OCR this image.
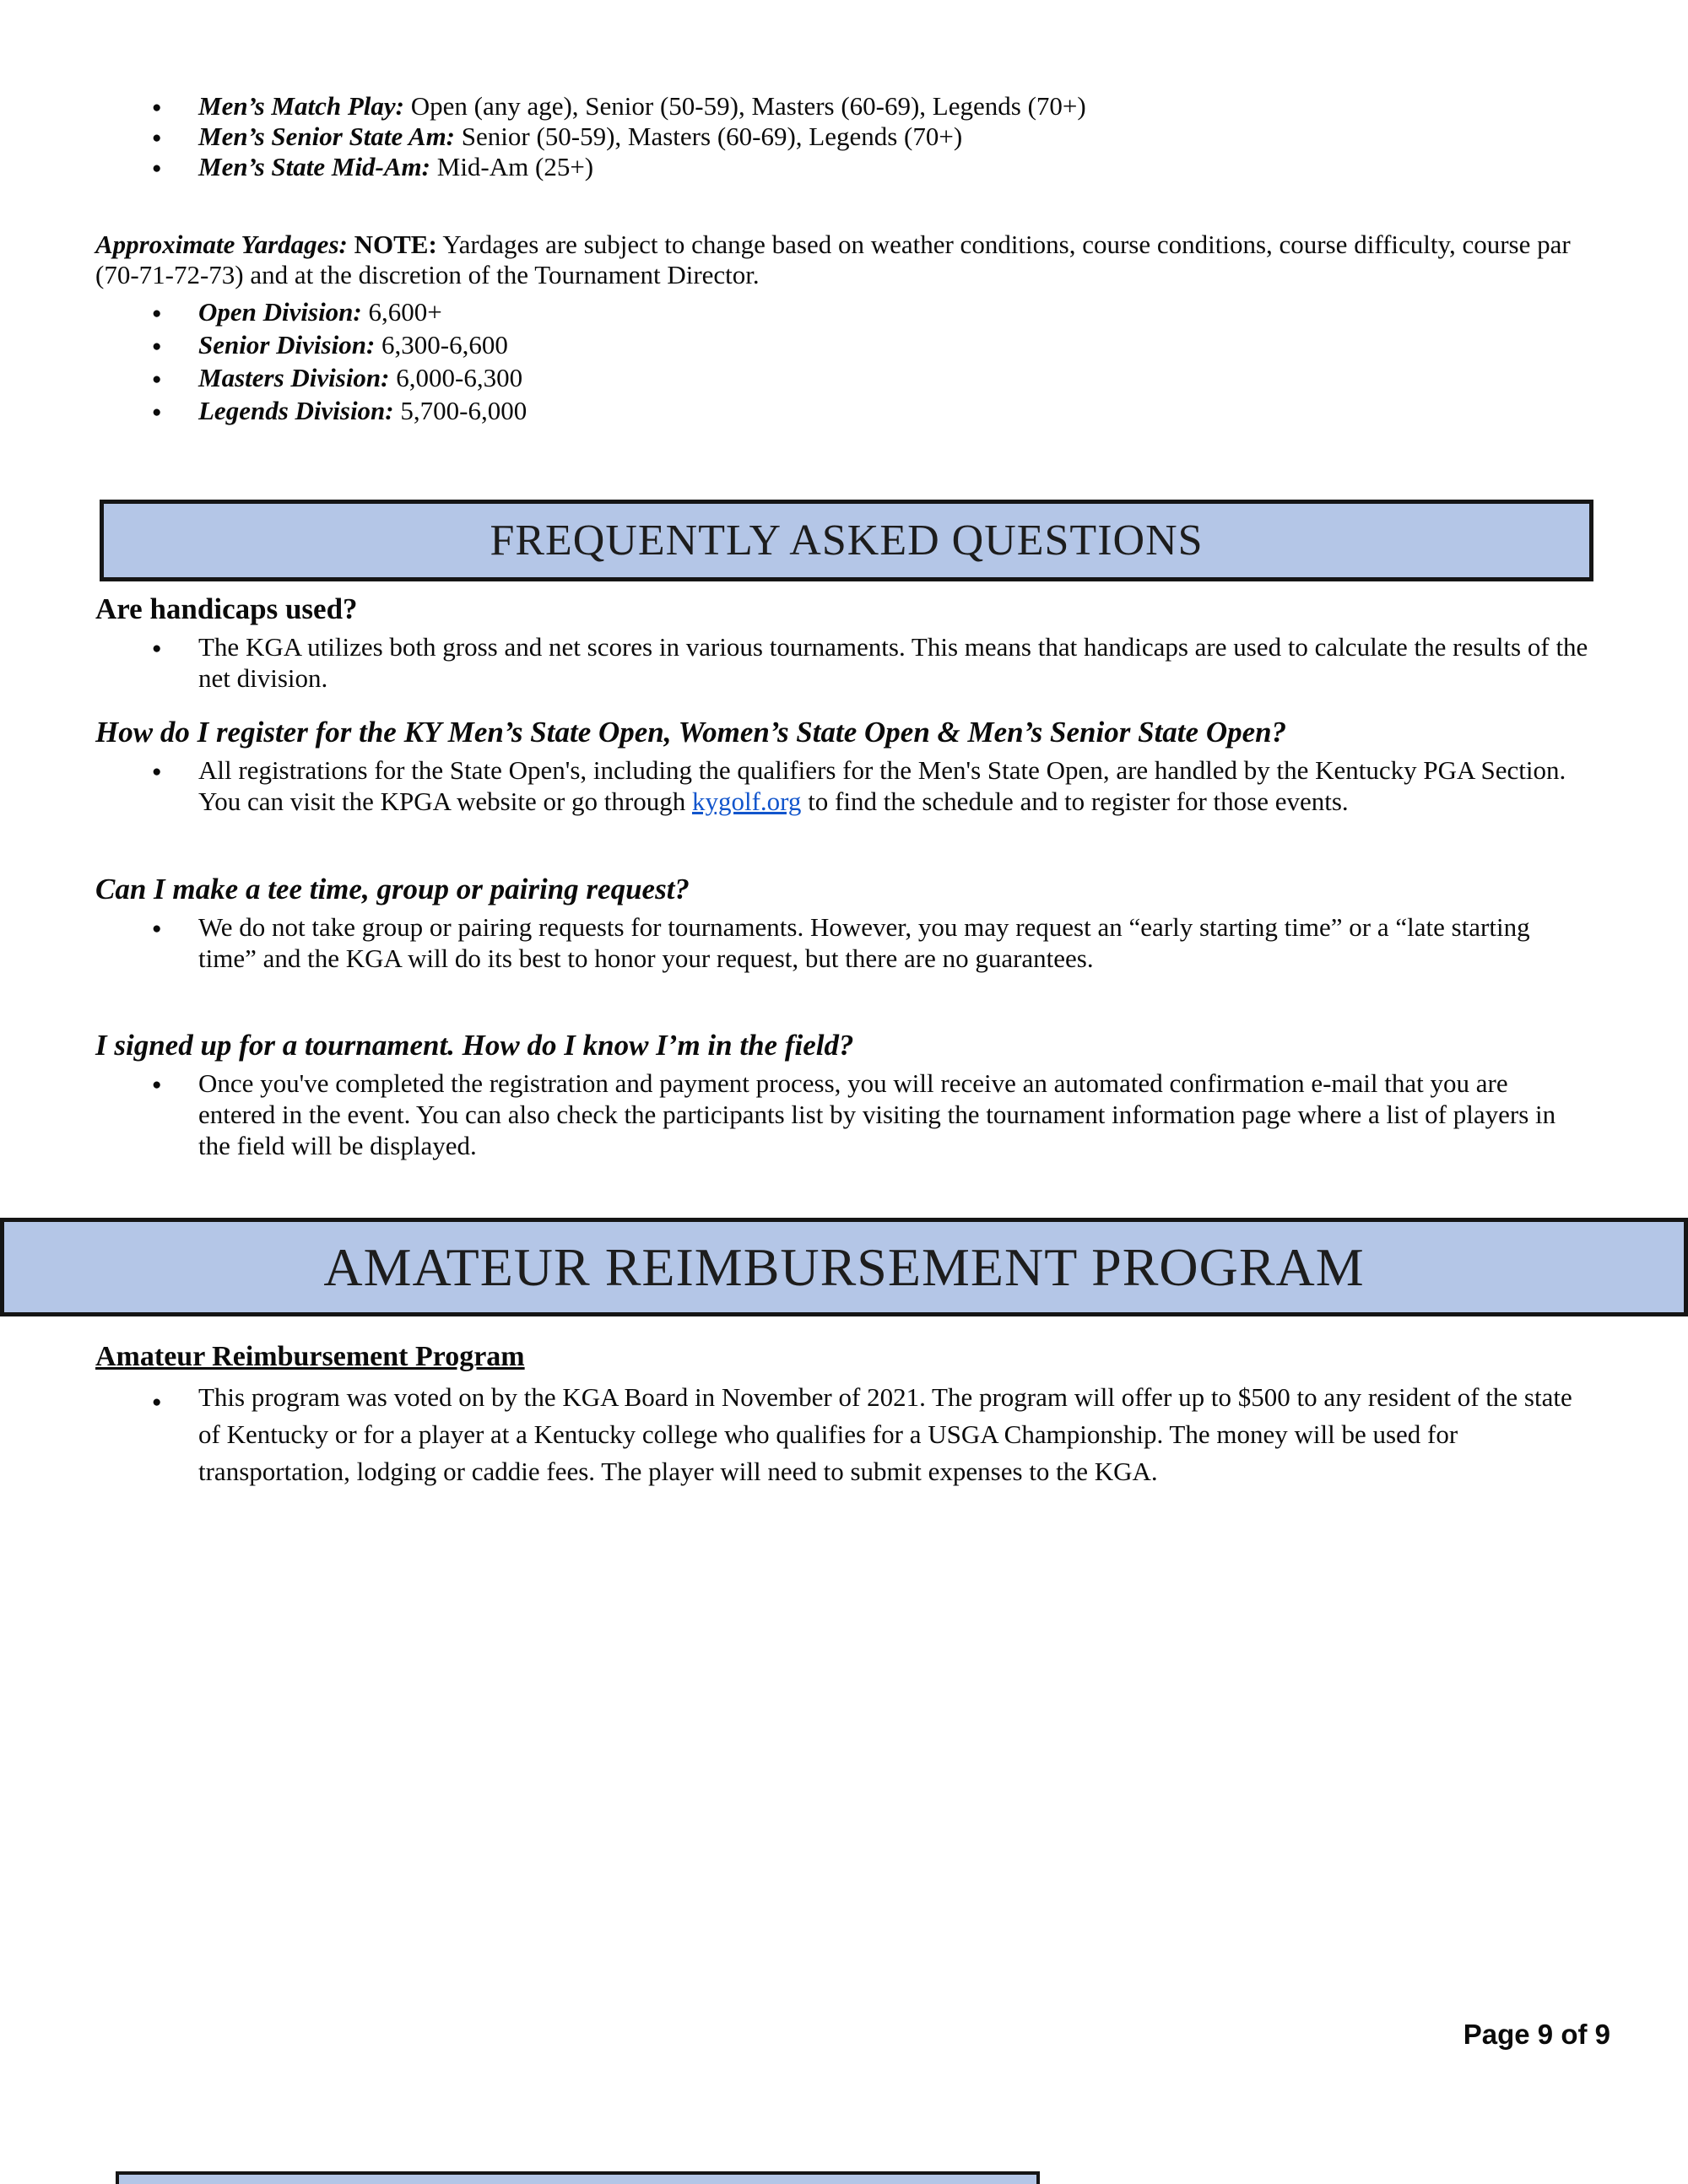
●	Men’s Match Play: Open (any age), Senior (50-59), Masters (60-69), Legends (70+)
●	Men’s Senior State Am: Senior (50-59), Masters (60-69), Legends (70+)
●	Men’s State Mid-Am: Mid-Am (25+)
Approximate Yardages: NOTE: Yardages are subject to change based on weather conditions, course conditions, course difficulty, course par (70-71-72-73) and at the discretion of the Tournament Director.
●	Open Division: 6,600+
●	Senior Division: 6,300-6,600
●	Masters Division: 6,000-6,300
●	Legends Division: 5,700-6,000
FREQUENTLY ASKED QUESTIONS
Are handicaps used?
●	The KGA utilizes both gross and net scores in various tournaments. This means that handicaps are used to calculate the results of the net division.
How do I register for the KY Men’s State Open, Women’s State Open & Men’s Senior State Open?
●	All registrations for the State Open's, including the qualifiers for the Men's State Open, are handled by the Kentucky PGA Section. You can visit the KPGA website or go through kygolf.org to find the schedule and to register for those events.
Can I make a tee time, group or pairing request?
●	We do not take group or pairing requests for tournaments. However, you may request an “early starting time” or a “late starting time” and the KGA will do its best to honor your request, but there are no guarantees.
I signed up for a tournament. How do I know I’m in the field?
●	Once you've completed the registration and payment process, you will receive an automated confirmation e-mail that you are entered in the event. You can also check the participants list by visiting the tournament information page where a list of players in the field will be displayed.
AMATEUR REIMBURSEMENT PROGRAM
Amateur Reimbursement Program
●	This program was voted on by the KGA Board in November of 2021. The program will offer up to $500 to any resident of the state of Kentucky or for a player at a Kentucky college who qualifies for a USGA Championship. The money will be used for transportation, lodging or caddie fees. The player will need to submit expenses to the KGA.
Page 9 of 9
